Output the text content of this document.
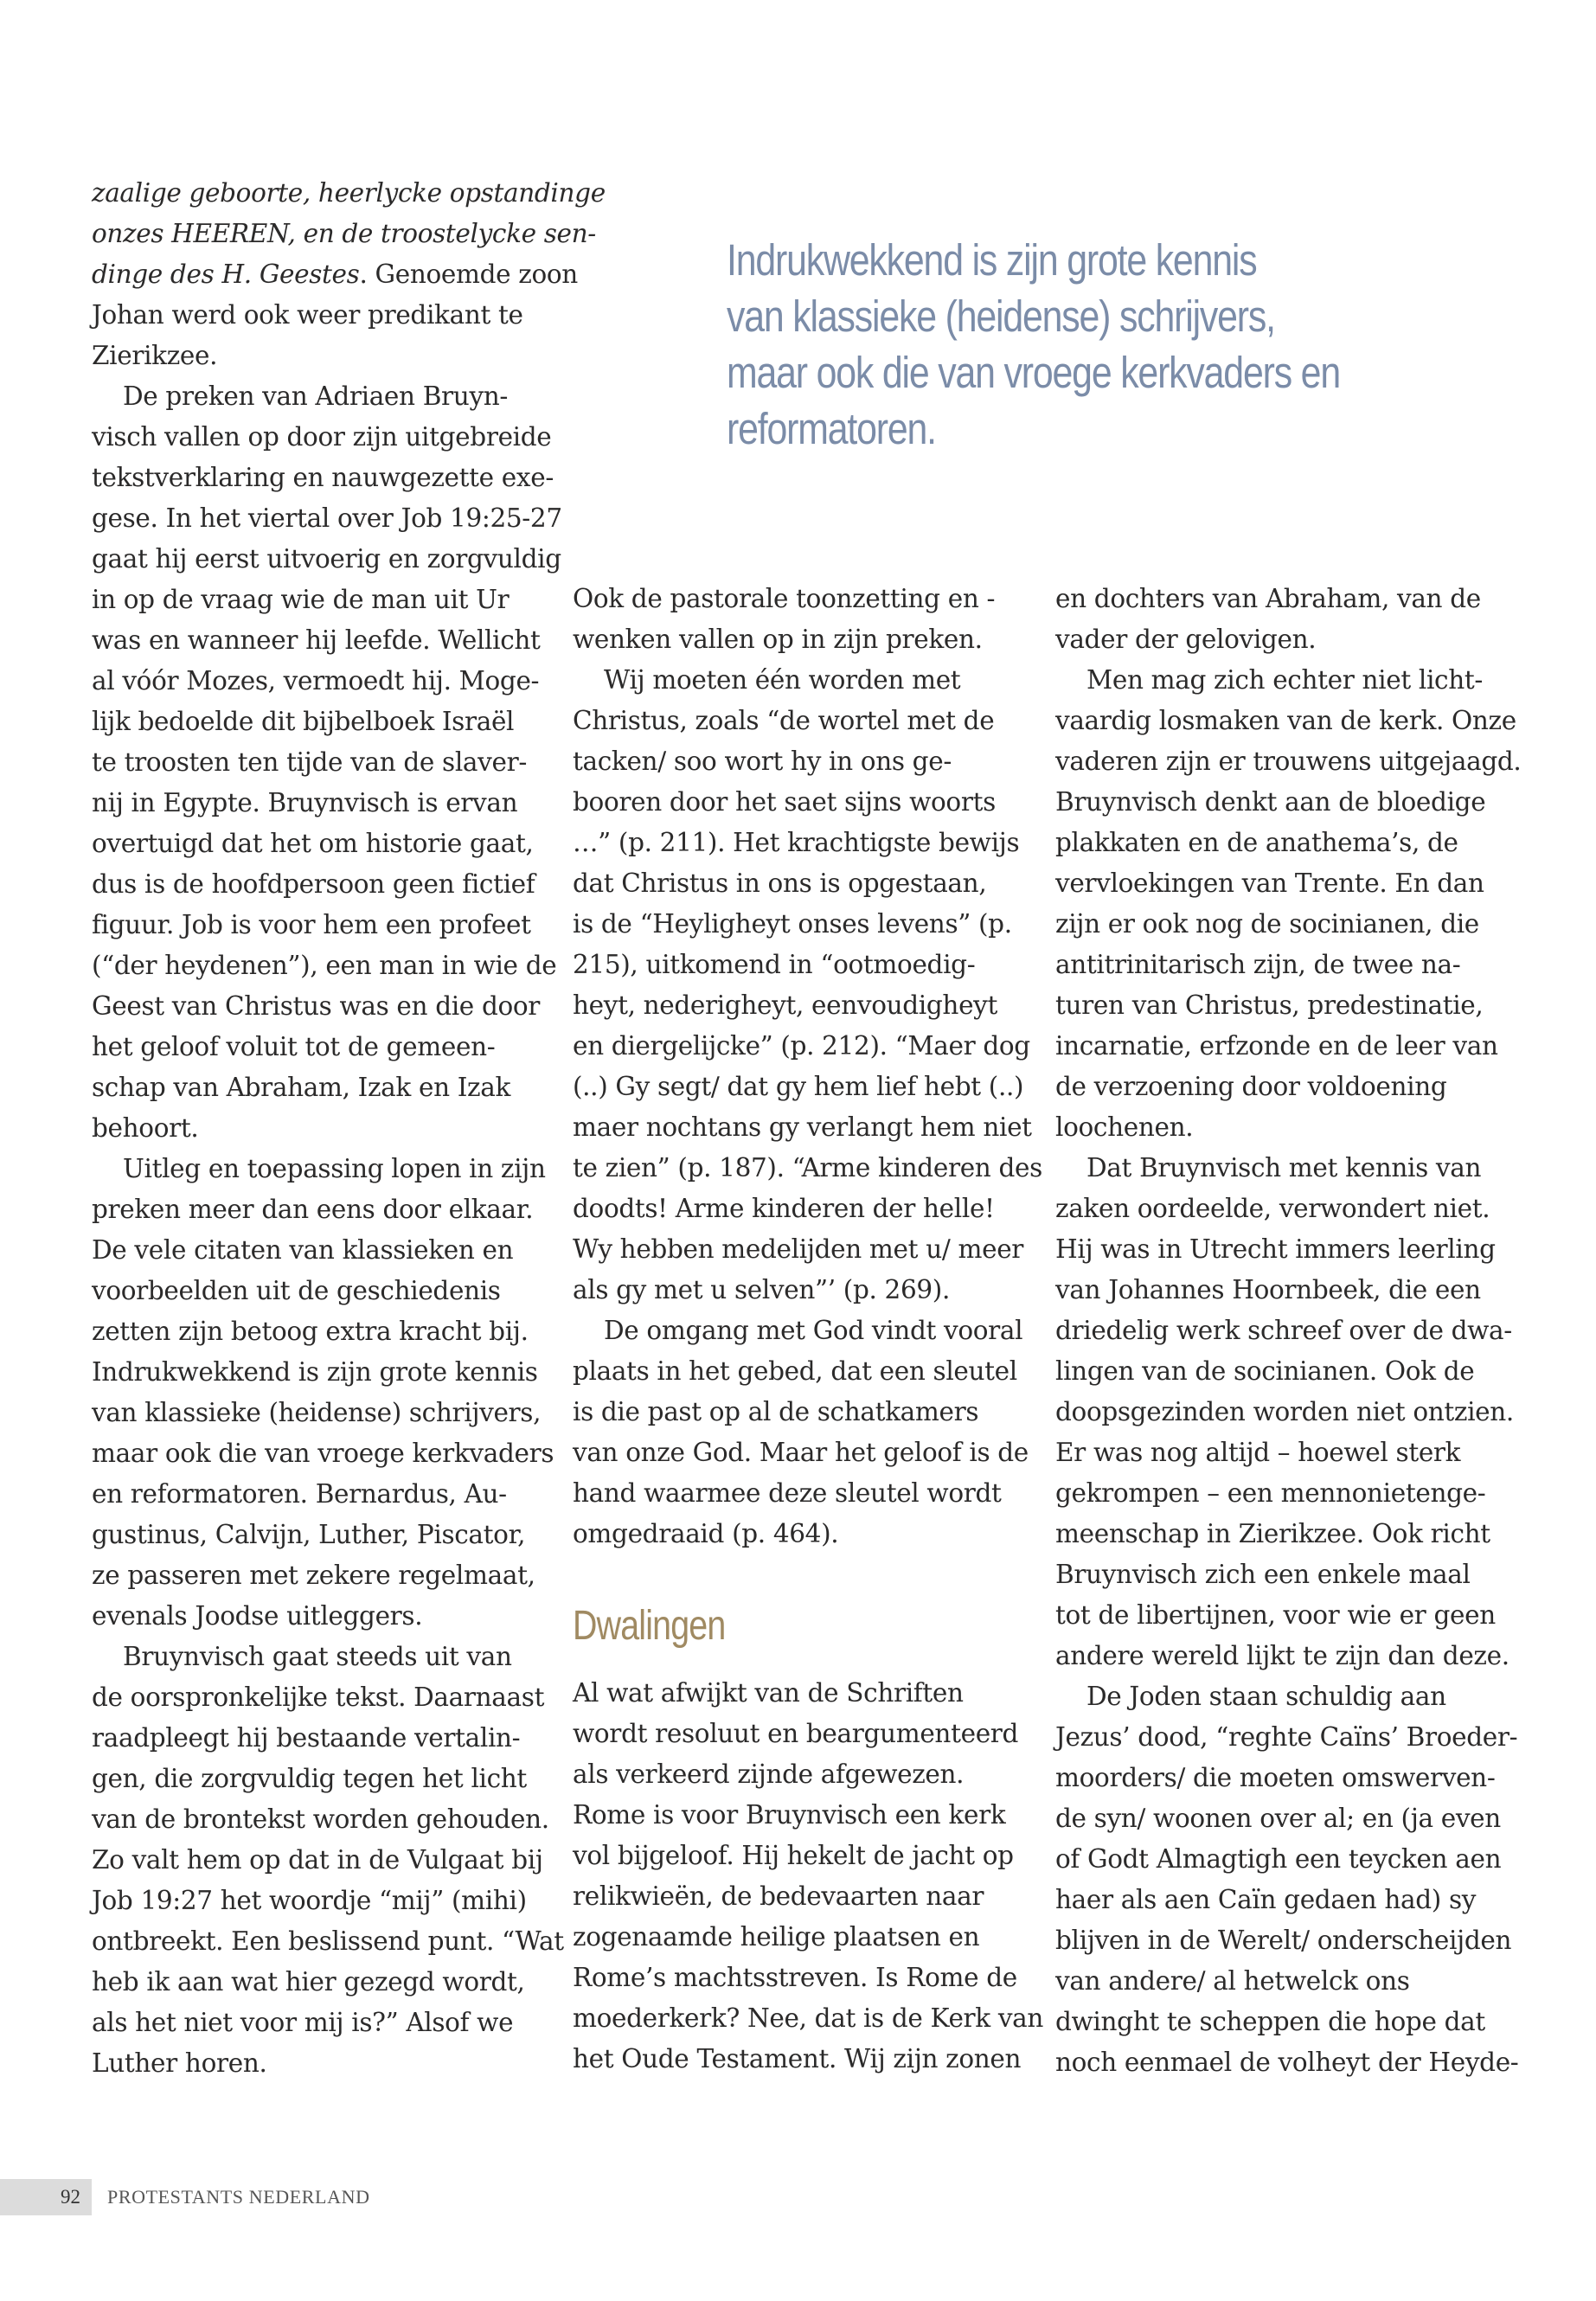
zaalige geboorte, heerlycke opstandinge
onzes HEEREN, en de troostelycke sen-
dinge des H. Geestes. Genoemde zoon
Johan werd ook weer predikant te
Zierikzee.
De preken van Adriaen Bruyn-
visch vallen op door zijn uitgebreide
tekstverklaring en nauwgezette exe-
gese. In het viertal over Job 19:25-27
gaat hij eerst uitvoerig en zorgvuldig
in op de vraag wie de man uit Ur
was en wanneer hij leefde. Wellicht
al vóór Mozes, vermoedt hij. Moge-
lijk bedoelde dit bijbelboek Israël
te troosten ten tijde van de slaver-
nij in Egypte. Bruynvisch is ervan
overtuigd dat het om historie gaat,
dus is de hoofdpersoon geen fictief
figuur. Job is voor hem een profeet
(“der heydenen”), een man in wie de
Geest van Christus was en die door
het geloof voluit tot de gemeen-
schap van Abraham, Izak en Izak
behoort.
Uitleg en toepassing lopen in zijn
preken meer dan eens door elkaar.
De vele citaten van klassieken en
voorbeelden uit de geschiedenis
zetten zijn betoog extra kracht bij.
Indrukwekkend is zijn grote kennis
van klassieke (heidense) schrijvers,
maar ook die van vroege kerkvaders
en reformatoren. Bernardus, Au-
gustinus, Calvijn, Luther, Piscator,
ze passeren met zekere regelmaat,
evenals Joodse uitleggers.
Bruynvisch gaat steeds uit van
de oorspronkelijke tekst. Daarnaast
raadpleegt hij bestaande vertalin-
gen, die zorgvuldig tegen het licht
van de brontekst worden gehouden.
Zo valt hem op dat in de Vulgaat bij
Job 19:27 het woordje “mij” (mihi)
ontbreekt. Een beslissend punt. “Wat
heb ik aan wat hier gezegd wordt,
als het niet voor mij is?” Alsof we
Luther horen.
Indrukwekkend is zijn grote kennis
van klassieke (heidense) schrijvers,
maar ook die van vroege kerkvaders en
reformatoren.
Ook de pastorale toonzetting en -
wenken vallen op in zijn preken.
Wij moeten één worden met
Christus, zoals “de wortel met de
tacken/ soo wort hy in ons ge-
booren door het saet sijns woorts
…” (p. 211). Het krachtigste bewijs
dat Christus in ons is opgestaan,
is de “Heyligheyt onses levens” (p.
215), uitkomend in “ootmoedig-
heyt, nederigheyt, eenvoudigheyt
en diergelijcke” (p. 212). “Maer dog
(..) Gy segt/ dat gy hem lief hebt (..)
maer nochtans gy verlangt hem niet
te zien” (p. 187). “Arme kinderen des
doodts! Arme kinderen der helle!
Wy hebben medelijden met u/ meer
als gy met u selven”’ (p. 269).
De omgang met God vindt vooral
plaats in het gebed, dat een sleutel
is die past op al de schatkamers
van onze God. Maar het geloof is de
hand waarmee deze sleutel wordt
omgedraaid (p. 464).
Dwalingen
Al wat afwijkt van de Schriften
wordt resoluut en beargumenteerd
als verkeerd zijnde afgewezen.
Rome is voor Bruynvisch een kerk
vol bijgeloof. Hij hekelt de jacht op
relikwieën, de bedevaarten naar
zogenaamde heilige plaatsen en
Rome’s machtsstreven. Is Rome de
moederkerk? Nee, dat is de Kerk van
het Oude Testament. Wij zijn zonen
en dochters van Abraham, van de
vader der gelovigen.
Men mag zich echter niet licht-
vaardig losmaken van de kerk. Onze
vaderen zijn er trouwens uitgejaagd.
Bruynvisch denkt aan de bloedige
plakkaten en de anathema’s, de
vervloekingen van Trente. En dan
zijn er ook nog de socinianen, die
antitrinitarisch zijn, de twee na-
turen van Christus, predestinatie,
incarnatie, erfzonde en de leer van
de verzoening door voldoening
loochenen.
Dat Bruynvisch met kennis van
zaken oordeelde, verwondert niet.
Hij was in Utrecht immers leerling
van Johannes Hoornbeek, die een
driedelig werk schreef over de dwa-
lingen van de socinianen. Ook de
doopsgezinden worden niet ontzien.
Er was nog altijd – hoewel sterk
gekrompen – een mennonietenge-
meenschap in Zierikzee. Ook richt
Bruynvisch zich een enkele maal
tot de libertijnen, voor wie er geen
andere wereld lijkt te zijn dan deze.
De Joden staan schuldig aan
Jezus’ dood, “reghte Caïns’ Broeder-
moorders/ die moeten omswerven-
de syn/ woonen over al; en (ja even
of Godt Almagtigh een teycken aen
haer als aen Caïn gedaen had) sy
blijven in de Werelt/ onderscheijden
van andere/ al hetwelck ons
dwinght te scheppen die hope dat
noch eenmael de volheyt der Heyde-
92 PROTESTANTS NEDERLAND
